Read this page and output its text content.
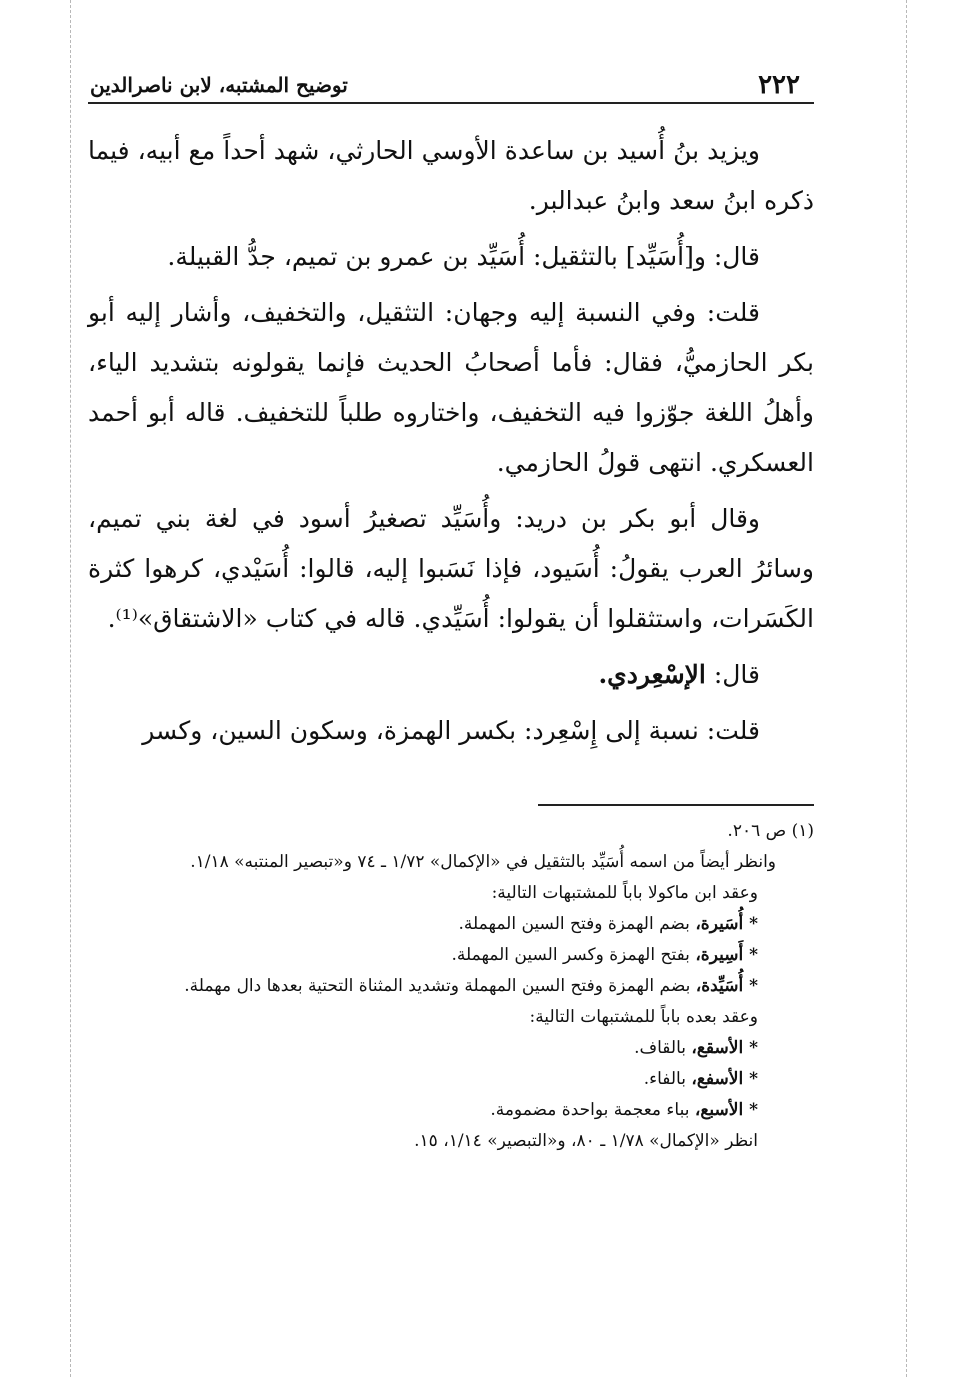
٢٢٢
توضيح المشتبه، لابن ناصرالدين

ويزيد بنُ أُسيد بن ساعدة الأوسي الحارثي، شهد أحداً مع أبيه، فيما ذكره ابنُ سعد وابنُ عبدالبر.

قال: و[أُسَيِّد] بالتثقيل: أُسَيِّد بن عمرو بن تميم، جدُّ القبيلة.

قلت: وفي النسبة إليه وجهان: التثقيل، والتخفيف، وأشار إليه أبو بكر الحازميُّ، فقال: فأما أصحابُ الحديث فإنما يقولونه بتشديد الياء، وأهلُ اللغة جوّزوا فيه التخفيف، واختاروه طلباً للتخفيف. قاله أبو أحمد العسكري. انتهى قولُ الحازمي.

وقال أبو بكر بن دريد: وأُسَيِّد تصغيرُ أسود في لغة بني تميم، وسائرُ العرب يقولُ: أُسَيود، فإذا نَسَبوا إليه، قالوا: أُسَيْدي، كرهوا كثرة الكَسَرات، واستثقلوا أن يقولوا: أُسَيِّدي. قاله في كتاب «الاشتقاق»⁽¹⁾.

قال: الإسْعِردي.

قلت: نسبة إلى إِسْعِرد: بكسر الهمزة، وسكون السين، وكسر

(١) ص ٢٠٦.

وانظر أيضاً من اسمه أُسَيِّد بالتثقيل في «الإكمال» ١/٧٢ ـ ٧٤ و«تبصير المنتبه» ١/١٨.

وعقد ابن ماكولا باباً للمشتبهات التالية:

* أُسَيرة، بضم الهمزة وفتح السين المهملة.

* أَسِيرة، بفتح الهمزة وكسر السين المهملة.

* أُسَيِّدة، بضم الهمزة وفتح السين المهملة وتشديد المثناة التحتية بعدها دال مهملة.

وعقد بعده باباً للمشتبهات التالية:

* الأسقع، بالقاف.

* الأسفع، بالفاء.

* الأسبع، بباء معجمة بواحدة مضمومة.

انظر «الإكمال» ١/٧٨ ـ ٨٠، و«التبصير» ١/١٤، ١٥.
